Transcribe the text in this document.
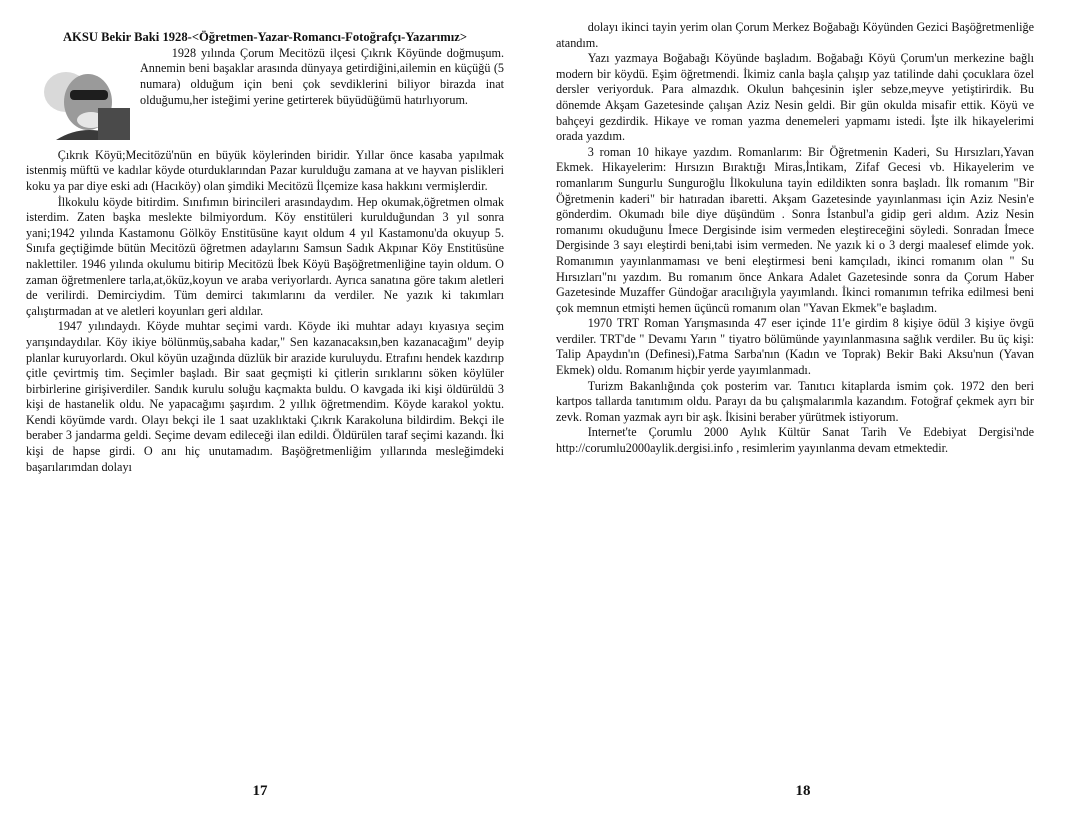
AKSU Bekir Baki 1928-<Öğretmen-Yazar-Romancı-Fotoğrafçı-Yazarımız>

1928 yılında Çorum Mecitözü ilçesi Çıkrık Köyünde doğmuşum. Annemin beni başaklar arasında dünyaya getirdiğini,ailemin en küçüğü (5 numara) olduğum için beni çok sevdiklerini biliyor birazda inat olduğumu,her isteğimi yerine getirterek büyüdüğümü hatırlıyorum.

Çıkrık Köyü;Mecitözü'nün en büyük köylerinden biridir. Yıllar önce kasaba yapılmak istenmiş müftü ve kadılar köyde oturduklarından Pazar kurulduğu zamana at ve hayvan pislikleri koku ya par diye eski adı (Hacıköy) olan şimdiki Mecitözü İlçemize kasa hakkını vermişlerdir.

İlkokulu köyde bitirdim. Sınıfımın birincileri arasındaydım. Hep okumak,öğretmen olmak isterdim. Zaten başka meslekte bilmiyordum. Köy enstitüleri kurulduğundan 3 yıl sonra yani;1942 yılında Kastamonu Gölköy Enstitüsüne kayıt oldum 4 yıl Kastamonu'da okuyup 5. Sınıfa geçtiğimde bütün Mecitözü öğretmen adaylarını Samsun Sadık Akpınar Köy Enstitüsüne naklettiler. 1946 yılında okulumu bitirip Mecitözü İbek Köyü Başöğretmenliğine tayin oldum. O zaman öğretmenlere tarla,at,öküz,koyun ve araba veriyorlardı. Ayrıca sanatına göre takım aletleri de verilirdi. Demirciydim. Tüm demirci takımlarını da verdiler. Ne yazık ki takımları çalıştırmadan at ve aletleri koyunları geri aldılar.

1947 yılındaydı. Köyde muhtar seçimi vardı. Köyde iki muhtar adayı kıyasıya seçim yarışındaydılar. Köy ikiye bölünmüş,sabaha kadar," Sen kazanacaksın,ben kazanacağım" deyip planlar kuruyorlardı. Okul köyün uzağında düzlük bir arazide kuruluydu. Etrafını hendek kazdırıp çitle çevirtmiş tim. Seçimler başladı. Bir saat geçmişti ki çitlerin sırıklarını söken köylüler birbirlerine girişiverdiler. Sandık kurulu soluğu kaçmakta buldu. O kavgada iki kişi öldürüldü 3 kişi de hastanelik oldu. Ne yapacağımı şaşırdım. 2 yıllık öğretmendim. Köyde karakol yoktu. Kendi köyümde vardı. Olayı bekçi ile 1 saat uzaklıktaki Çıkrık Karakoluna bildirdim. Bekçi ile beraber 3 jandarma geldi. Seçime devam edileceği ilan edildi. Öldürülen taraf seçimi kazandı. İki kişi de hapse girdi. O anı hiç unutamadım. Başöğretmenliğim yıllarında mesleğimdeki başarılarımdan dolayı

17

dolayı ikinci tayin yerim olan Çorum Merkez Boğabağı Köyünden Gezici Başöğretmenliğe atandım.

Yazı yazmaya Boğabağı Köyünde başladım. Boğabağı Köyü Çorum'un merkezine bağlı modern bir köydü. Eşim öğretmendi. İkimiz canla başla çalışıp yaz tatilinde dahi çocuklara özel dersler veriyorduk. Para almazdık. Okulun bahçesinin işler sebze,meyve yetiştirirdik. Bu dönemde Akşam Gazetesinde çalışan Aziz Nesin geldi. Bir gün okulda misafir ettik. Köyü ve bahçeyi gezdirdik. Hikaye ve roman yazma denemeleri yapmamı istedi. İşte ilk hikayelerimi orada yazdım.

3 roman 10 hikaye yazdım. Romanlarım: Bir Öğretmenin Kaderi, Su Hırsızları,Yavan Ekmek. Hikayelerim: Hırsızın Bıraktığı Miras,İntikam, Zifaf Gecesi vb. Hikayelerim ve romanlarım Sungurlu Sunguroğlu İlkokuluna tayin edildikten sonra başladı. İlk romanım "Bir Öğretmenin kaderi" bir hatıradan ibaretti. Akşam Gazetesinde yayınlanması için Aziz Nesin'e gönderdim. Okumadı bile diye düşündüm . Sonra İstanbul'a gidip geri aldım. Aziz Nesin romanımı okuduğunu İmece Dergisinde isim vermeden eleştireceğini söyledi. Sonradan İmece Dergisinde 3 sayı eleştirdi beni,tabi isim vermeden. Ne yazık ki o 3 dergi maalesef elimde yok. Romanımın yayınlanmaması ve beni eleştirmesi beni kamçıladı, ikinci romanım olan " Su Hırsızları"nı yazdım. Bu romanım önce Ankara Adalet Gazetesinde sonra da Çorum Haber Gazetesinde Muzaffer Gündoğar aracılığıyla yayımlandı. İkinci romanımın tefrika edilmesi beni çok memnun etmişti hemen üçüncü romanım olan "Yavan Ekmek"e başladım.

1970 TRT Roman Yarışmasında 47 eser içinde 11'e girdim 8 kişiye ödül 3 kişiye övgü verdiler. TRT'de " Devamı Yarın " tiyatro bölümünde yayınlanmasına sağlık verdiler. Bu üç kişi: Talip Apaydın'ın (Definesi),Fatma Sarba'nın (Kadın ve Toprak) Bekir Baki Aksu'nun (Yavan Ekmek) oldu. Romanım hiçbir yerde yayımlanmadı.

Turizm Bakanlığında çok posterim var. Tanıtıcı kitaplarda ismim çok. 1972 den beri kartpos tallarda tanıtımım oldu. Parayı da bu çalışmalarımla kazandım. Fotoğraf çekmek ayrı bir zevk. Roman yazmak ayrı bir aşk. İkisini beraber yürütmek istiyorum.

Internet'te Çorumlu 2000 Aylık Kültür Sanat Tarih Ve Edebiyat Dergisi'nde http://corumlu2000aylik.dergisi.info , resimlerim yayınlanma devam etmektedir.

18
